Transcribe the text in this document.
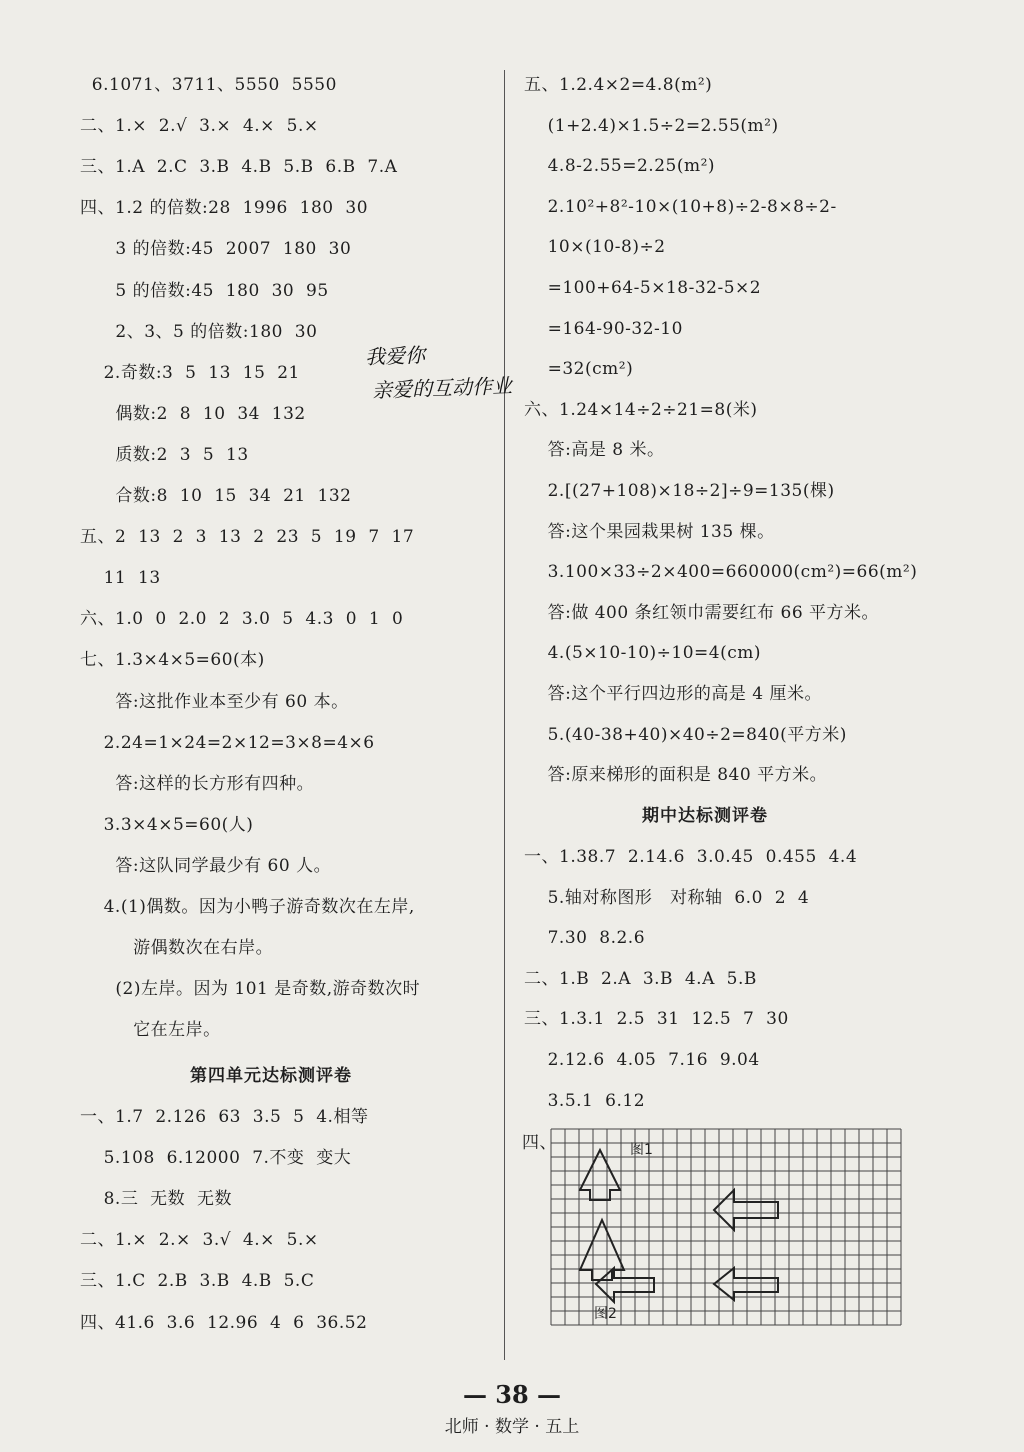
6.1071、3711、5550  5550
二、1.×  2.√  3.×  4.×  5.×
三、1.A  2.C  3.B  4.B  5.B  6.B  7.A
四、1.2 的倍数:28  1996  180  30
3 的倍数:45  2007  180  30
5 的倍数:45  180  30  95
2、3、5 的倍数:180  30
2.奇数:3  5  13  15  21
偶数:2  8  10  34  132
质数:2  3  5  13
合数:8  10  15  34  21  132
五、2  13  2  3  13  2  23  5  19  7  17
11  13
六、1.0  0  2.0  2  3.0  5  4.3  0  1  0
七、1.3×4×5=60(本)
答:这批作业本至少有 60 本。
2.24=1×24=2×12=3×8=4×6
答:这样的长方形有四种。
3.3×4×5=60(人)
答:这队同学最少有 60 人。
4.(1)偶数。因为小鸭子游奇数次在左岸,
游偶数次在右岸。
(2)左岸。因为 101 是奇数,游奇数次时
它在左岸。
第四单元达标测评卷
一、1.7  2.126  63  3.5  5  4.相等
5.108  6.12000  7.不变  变大
8.三  无数  无数
二、1.×  2.×  3.√  4.×  5.×
三、1.C  2.B  3.B  4.B  5.C
四、41.6  3.6  12.96  4  6  36.52
五、1.2.4×2=4.8(m²)
(1+2.4)×1.5÷2=2.55(m²)
4.8-2.55=2.25(m²)
2.10²+8²-10×(10+8)÷2-8×8÷2-
10×(10-8)÷2
=100+64-5×18-32-5×2
=164-90-32-10
=32(cm²)
六、1.24×14÷2÷21=8(米)
答:高是 8 米。
2.[(27+108)×18÷2]÷9=135(棵)
答:这个果园栽果树 135 棵。
3.100×33÷2×400=660000(cm²)=66(m²)
答:做 400 条红领巾需要红布 66 平方米。
4.(5×10-10)÷10=4(cm)
答:这个平行四边形的高是 4 厘米。
5.(40-38+40)×40÷2=840(平方米)
答:原来梯形的面积是 840 平方米。
期中达标测评卷
一、1.38.7  2.14.6  3.0.45  0.455  4.4
5.轴对称图形   对称轴  6.0  2  4
7.30  8.2.6
二、1.B  2.A  3.B  4.A  5.B
三、1.3.1  2.5  31  12.5  7  30
2.12.6  4.05  7.16  9.04
3.5.1  6.12
我爱你
亲爱的互动作业
四、	图1
图2
— 38 —
北师 · 数学 · 五上
